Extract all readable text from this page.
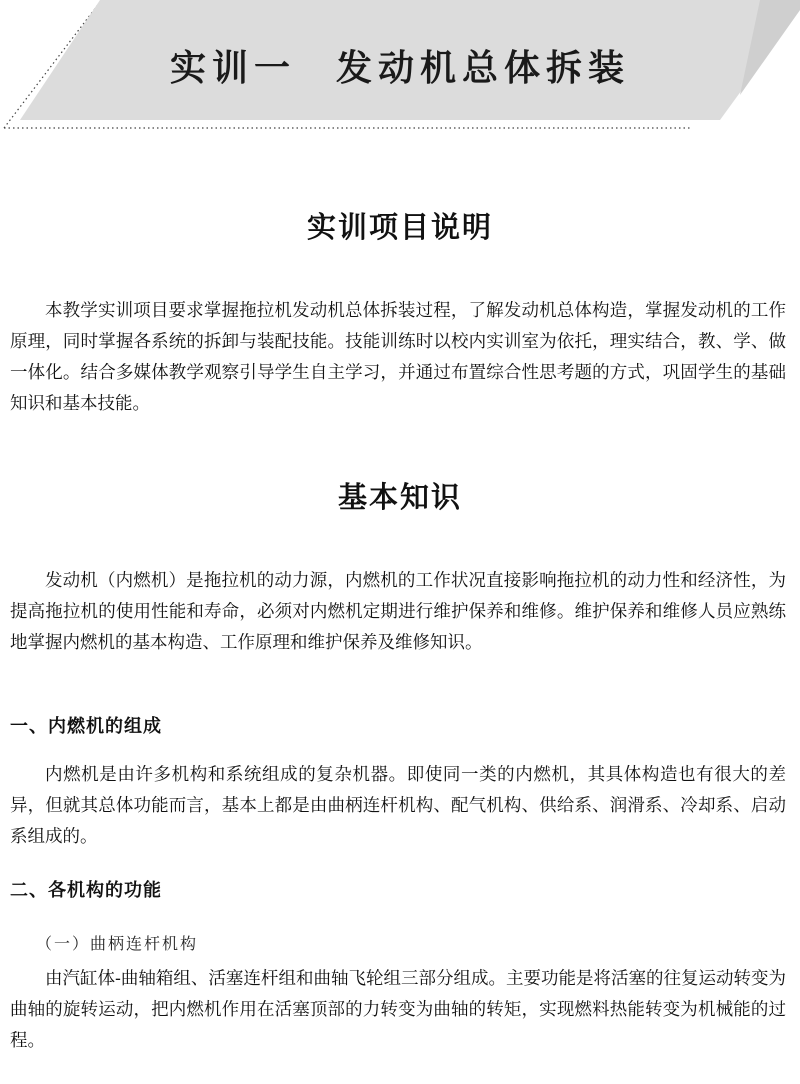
实训一 发动机总体拆装
实训项目说明

本教学实训项目要求掌握拖拉机发动机总体拆装过程，了解发动机总体构造，掌握发动机的工作原理，同时掌握各系统的拆卸与装配技能。技能训练时以校内实训室为依托，理实结合，教、学、做一体化。结合多媒体教学观察引导学生自主学习，并通过布置综合性思考题的方式，巩固学生的基础知识和基本技能。

基本知识

发动机（内燃机）是拖拉机的动力源，内燃机的工作状况直接影响拖拉机的动力性和经济性，为提高拖拉机的使用性能和寿命，必须对内燃机定期进行维护保养和维修。维护保养和维修人员应熟练地掌握内燃机的基本构造、工作原理和维护保养及维修知识。

一、内燃机的组成

内燃机是由许多机构和系统组成的复杂机器。即使同一类的内燃机，其具体构造也有很大的差异，但就其总体功能而言，基本上都是由曲柄连杆机构、配气机构、供给系、润滑系、冷却系、启动系组成的。

二、各机构的功能
（一）曲柄连杆机构

由汽缸体-曲轴箱组、活塞连杆组和曲轴飞轮组三部分组成。主要功能是将活塞的往复运动转变为曲轴的旋转运动，把内燃机作用在活塞顶部的力转变为曲轴的转矩，实现燃料热能转变为机械能的过程。
